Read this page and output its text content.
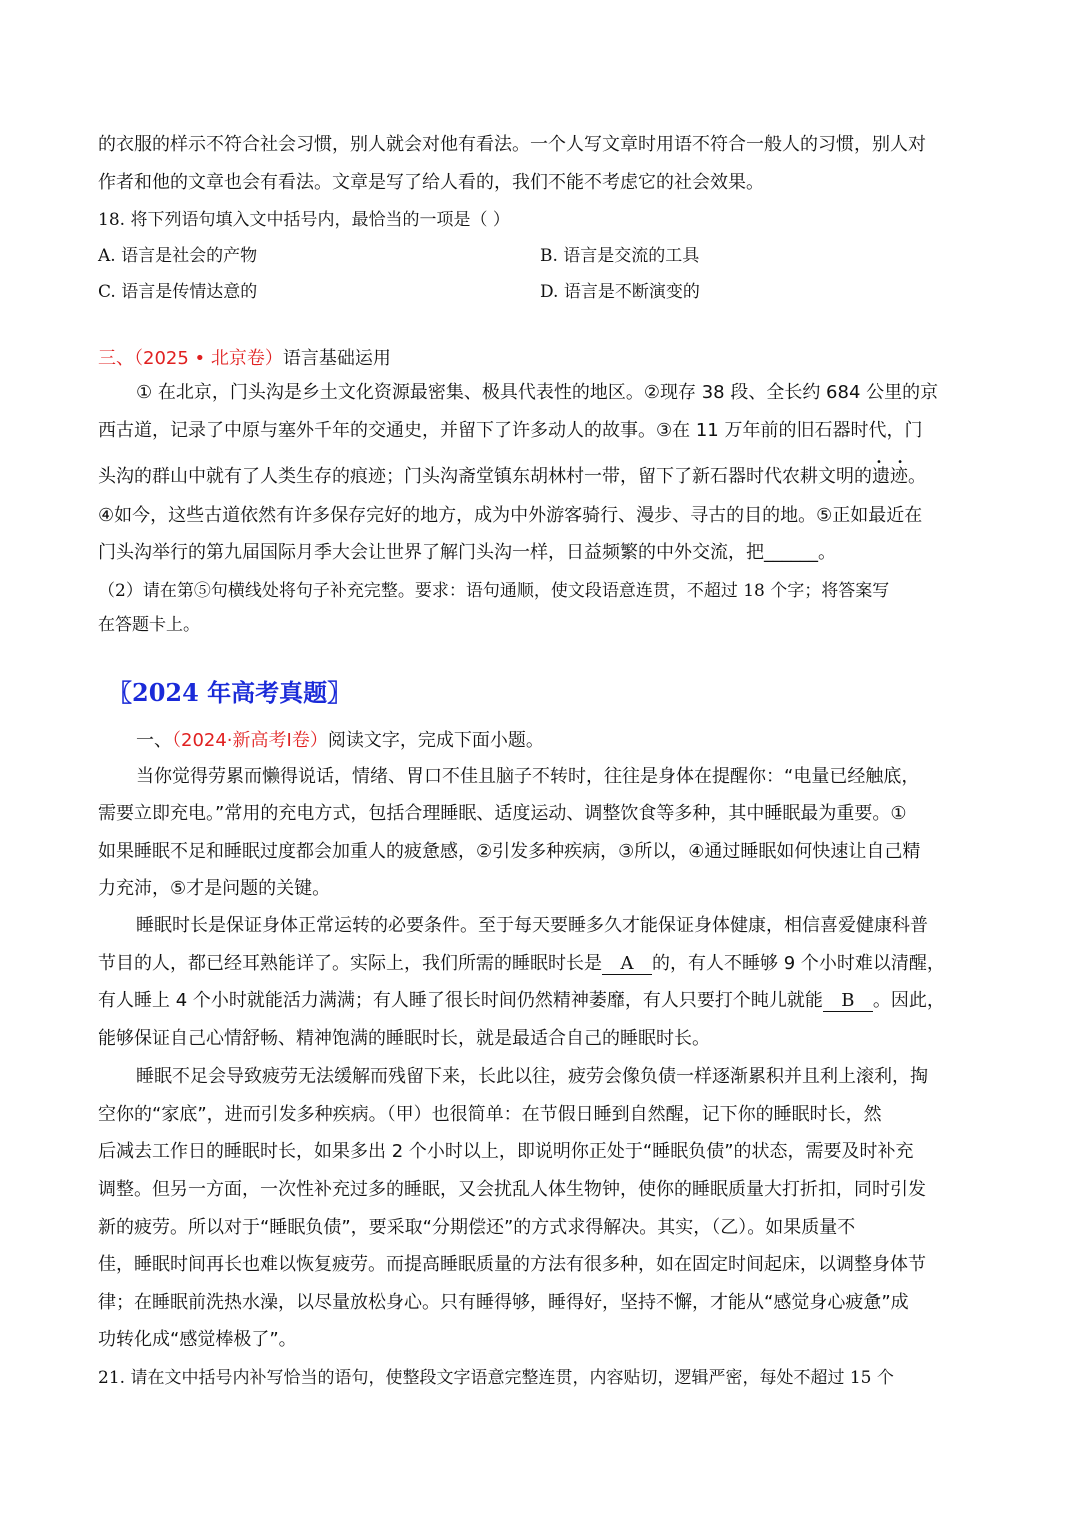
的衣服的样示不符合社会习惯，别人就会对他有看法。一个人写文章时用语不符合一般人的习惯，别人对
作者和他的文章也会有看法。文章是写了给人看的，我们不能不考虑它的社会效果。
18. 将下列语句填入文中括号内，最恰当的一项是（ ）
A. 语言是社会的产物	B. 语言是交流的工具
C. 语言是传情达意的	D. 语言是不断演变的
三、（2025 • 北京卷）语言基础运用
① 在北京，门头沟是乡土文化资源最密集、极具代表性的地区。②现存 38 段、全长约 684 公里的京
西古道，记录了中原与塞外千年的交通史，并留下了许多动人的故事。③在 11 万年前的旧石器时代，门
头沟的群山中就有了人类生存的痕迹；门头沟斋堂镇东胡林村一带，留下了新石器时代农耕文明的• • 遗迹。
④如今，这些古道依然有许多保存完好的地方，成为中外游客骑行、漫步、寻古的目的地。⑤正如最近在
门头沟举行的第九届国际月季大会让世界了解门头沟一样，日益频繁的中外交流，把______。
（2）请在第⑤句横线处将句子补充完整。要求：语句通顺，使文段语意连贯，不超过 18 个字；将答案写
在答题卡上。
〖2024 年高考真题〗
一、（2024·新高考Ⅰ卷）阅读文字，完成下面小题。
当你觉得劳累而懒得说话，情绪、胃口不佳且脑子不转时，往往是身体在提醒你：“电量已经触底，
需要立即充电。”常用的充电方式，包括合理睡眠、适度运动、调整饮食等多种，其中睡眠最为重要。①
如果睡眠不足和睡眠过度都会加重人的疲惫感，②引发多种疾病，③所以，④通过睡眠如何快速让自己精
力充沛，⑤才是问题的关键。
睡眠时长是保证身体正常运转的必要条件。至于每天要睡多久才能保证身体健康，相信喜爱健康科普
节目的人，都已经耳熟能详了。实际上，我们所需的睡眠时长是 A 的，有人不睡够 9 个小时难以清醒，
有人睡上 4 个小时就能活力满满；有人睡了很长时间仍然精神萎靡，有人只要打个盹儿就能 B 。因此，
能够保证自己心情舒畅、精神饱满的睡眠时长，就是最适合自己的睡眠时长。
睡眠不足会导致疲劳无法缓解而残留下来，长此以往，疲劳会像负债一样逐渐累积并且利上滚利，掏
空你的“家底”，进而引发多种疾病。（甲）也很简单：在节假日睡到自然醒，记下你的睡眠时长，然
后减去工作日的睡眠时长，如果多出 2 个小时以上，即说明你正处于“睡眠负债”的状态，需要及时补充
调整。但另一方面，一次性补充过多的睡眠，又会扰乱人体生物钟，使你的睡眠质量大打折扣，同时引发
新的疲劳。所以对于“睡眠负债”，要采取“分期偿还”的方式求得解决。其实，（乙）。如果质量不
佳，睡眠时间再长也难以恢复疲劳。而提高睡眠质量的方法有很多种，如在固定时间起床，以调整身体节
律；在睡眠前洗热水澡，以尽量放松身心。只有睡得够，睡得好，坚持不懈，才能从“感觉身心疲惫”成
功转化成“感觉棒极了”。
21. 请在文中括号内补写恰当的语句，使整段文字语意完整连贯，内容贴切，逻辑严密，每处不超过 15 个
